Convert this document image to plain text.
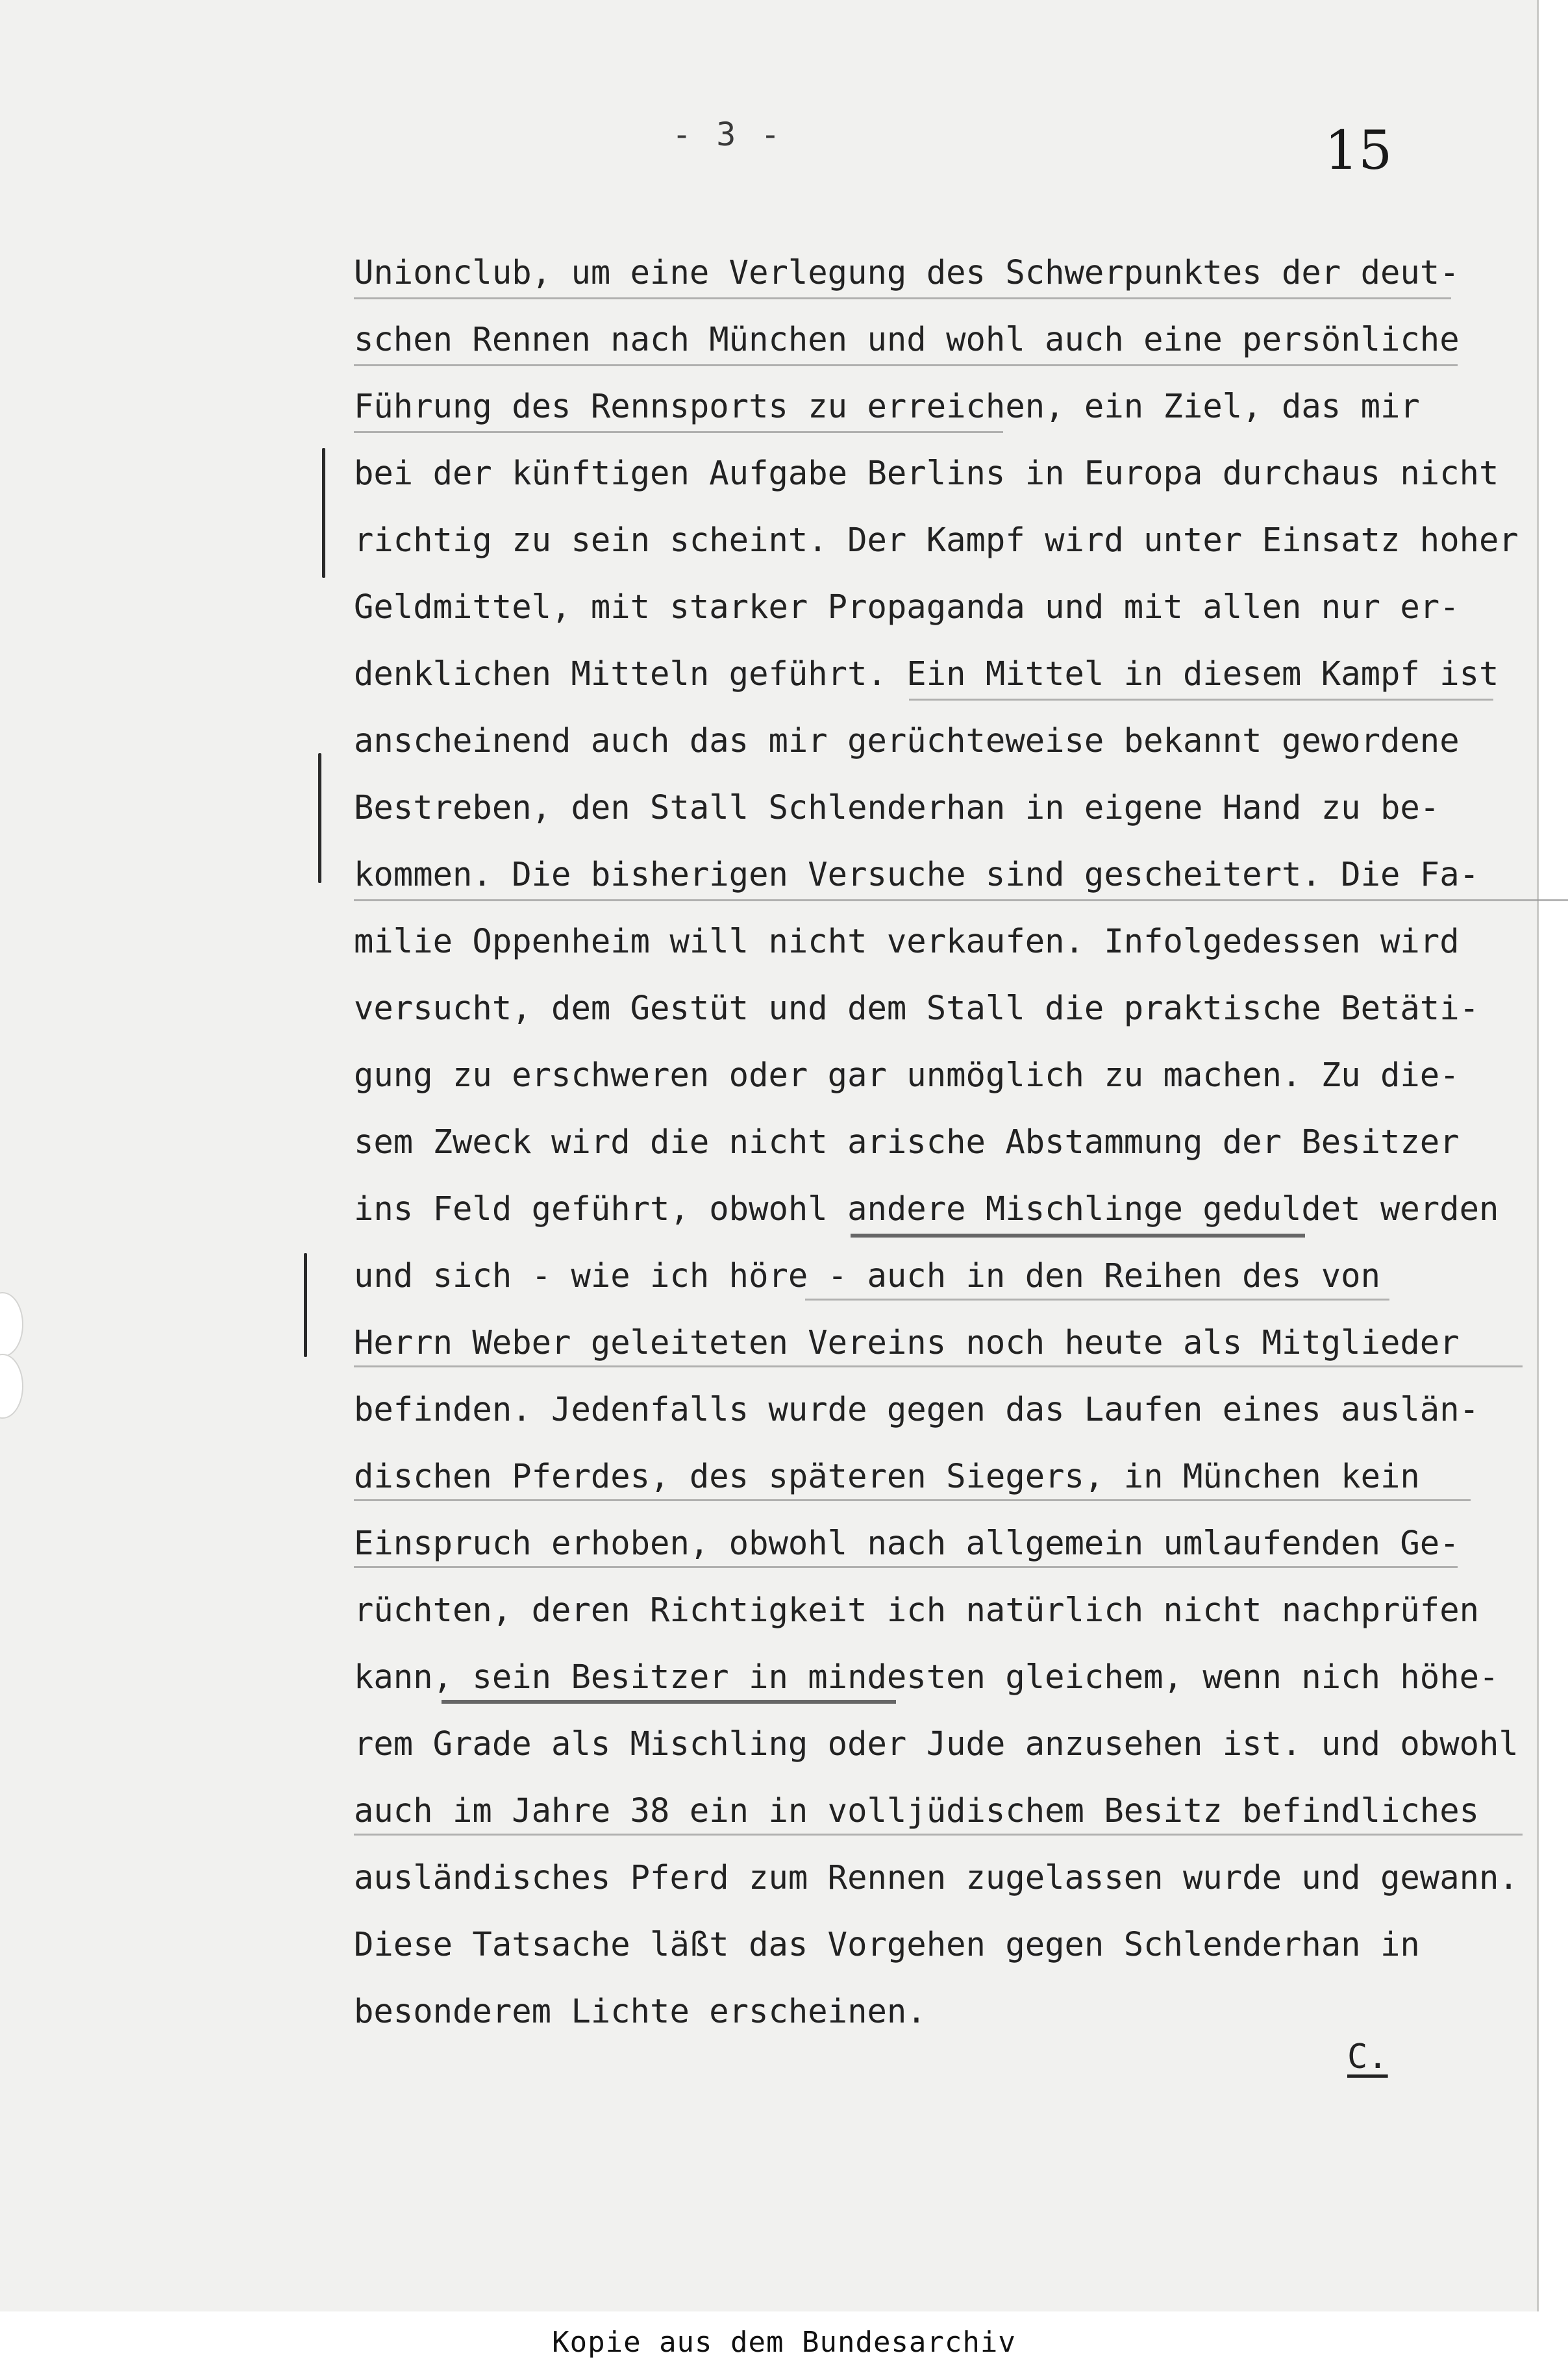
- 3 -	15
Unionclub, um eine Verlegung des Schwerpunktes der deut-
schen Rennen nach München und wohl auch eine persönliche
Führung des Rennsports zu erreichen, ein Ziel, das mir
bei der künftigen Aufgabe Berlins in Europa durchaus nicht
richtig zu sein scheint. Der Kampf wird unter Einsatz hoher
Geldmittel, mit starker Propaganda und mit allen nur er-
denklichen Mitteln geführt. Ein Mittel in diesem Kampf ist
anscheinend auch das mir gerüchteweise bekannt gewordene
Bestreben, den Stall Schlenderhan in eigene Hand zu be-
kommen. Die bisherigen Versuche sind gescheitert. Die Fa-
milie Oppenheim will nicht verkaufen. Infolgedessen wird
versucht, dem Gestüt und dem Stall die praktische Betäti-
gung zu erschweren oder gar unmöglich zu machen. Zu die-
sem Zweck wird die nicht arische Abstammung der Besitzer
ins Feld geführt, obwohl andere Mischlinge geduldet werden
und sich - wie ich höre - auch in den Reihen des von
Herrn Weber geleiteten Vereins noch heute als Mitglieder
befinden. Jedenfalls wurde gegen das Laufen eines auslän-
dischen Pferdes, des späteren Siegers, in München kein
Einspruch erhoben, obwohl nach allgemein umlaufenden Ge-
rüchten, deren Richtigkeit ich natürlich nicht nachprüfen
kann, sein Besitzer in mindesten gleichem, wenn nich höhe-
rem Grade als Mischling oder Jude anzusehen ist. und obwohl
auch im Jahre 38 ein in volljüdischem Besitz befindliches
ausländisches Pferd zum Rennen zugelassen wurde und gewann.
Diese Tatsache läßt das Vorgehen gegen Schlenderhan in
besonderem Lichte erscheinen.
C.
Kopie aus dem Bundesarchiv
